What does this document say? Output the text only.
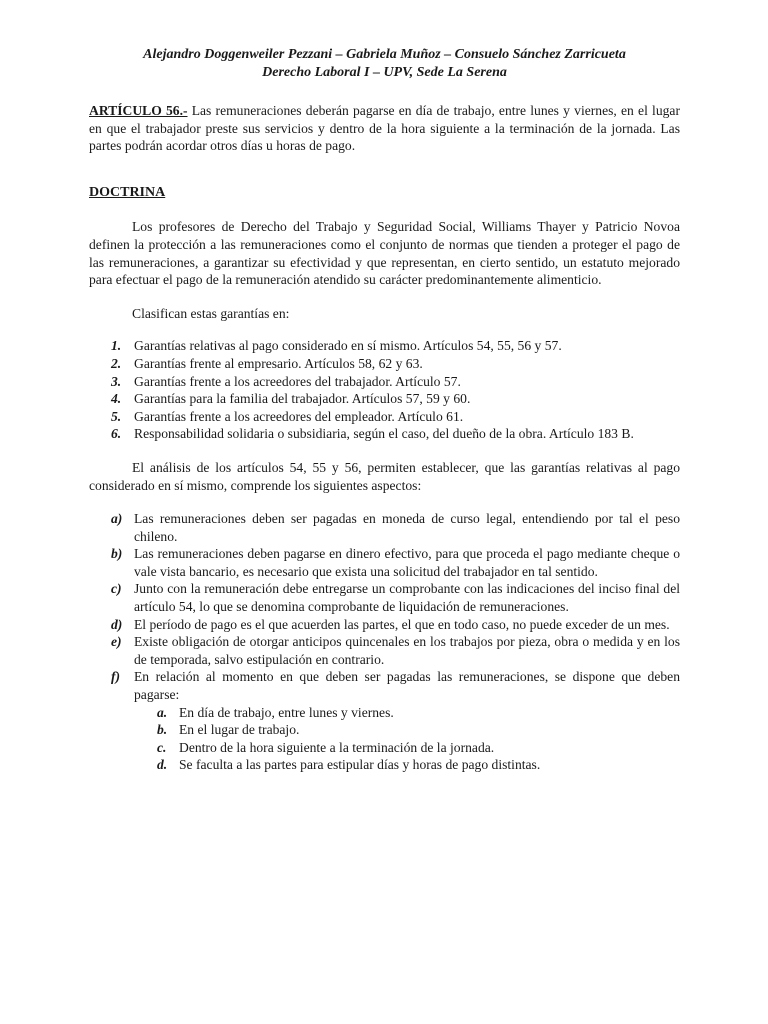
Alejandro Doggenweiler Pezzani – Gabriela Muñoz – Consuelo Sánchez Zarricueta
Derecho Laboral I – UPV, Sede La Serena

ARTÍCULO 56.- Las remuneraciones deberán pagarse en día de trabajo, entre lunes y viernes, en el lugar en que el trabajador preste sus servicios y dentro de la hora siguiente a la terminación de la jornada. Las partes podrán acordar otros días u horas de pago.

DOCTRINA

Los profesores de Derecho del Trabajo y Seguridad Social, Williams Thayer y Patricio Novoa definen la protección a las remuneraciones como el conjunto de normas que tienden a proteger el pago de las remuneraciones, a garantizar su efectividad y que representan, en cierto sentido, un estatuto mejorado para efectuar el pago de la remuneración atendido su carácter predominantemente alimenticio.

Clasifican estas garantías en:

1. Garantías relativas al pago considerado en sí mismo. Artículos 54, 55, 56 y 57.
2. Garantías frente al empresario. Artículos 58, 62 y 63.
3. Garantías frente a los acreedores del trabajador. Artículo 57.
4. Garantías para la familia del trabajador. Artículos 57, 59 y 60.
5. Garantías frente a los acreedores del empleador. Artículo 61.
6. Responsabilidad solidaria o subsidiaria, según el caso, del dueño de la obra. Artículo 183 B.

El análisis de los artículos 54, 55 y 56, permiten establecer, que las garantías relativas al pago considerado en sí mismo, comprende los siguientes aspectos:

a) Las remuneraciones deben ser pagadas en moneda de curso legal, entendiendo por tal el peso chileno.
b) Las remuneraciones deben pagarse en dinero efectivo, para que proceda el pago mediante cheque o vale vista bancario, es necesario que exista una solicitud del trabajador en tal sentido.
c) Junto con la remuneración debe entregarse un comprobante con las indicaciones del inciso final del artículo 54, lo que se denomina comprobante de liquidación de remuneraciones.
d) El período de pago es el que acuerden las partes, el que en todo caso, no puede exceder de un mes.
e) Existe obligación de otorgar anticipos quincenales en los trabajos por pieza, obra o medida y en los de temporada, salvo estipulación en contrario.
f) En relación al momento en que deben ser pagadas las remuneraciones, se dispone que deben pagarse:
a. En día de trabajo, entre lunes y viernes.
b. En el lugar de trabajo.
c. Dentro de la hora siguiente a la terminación de la jornada.
d. Se faculta a las partes para estipular días y horas de pago distintas.
